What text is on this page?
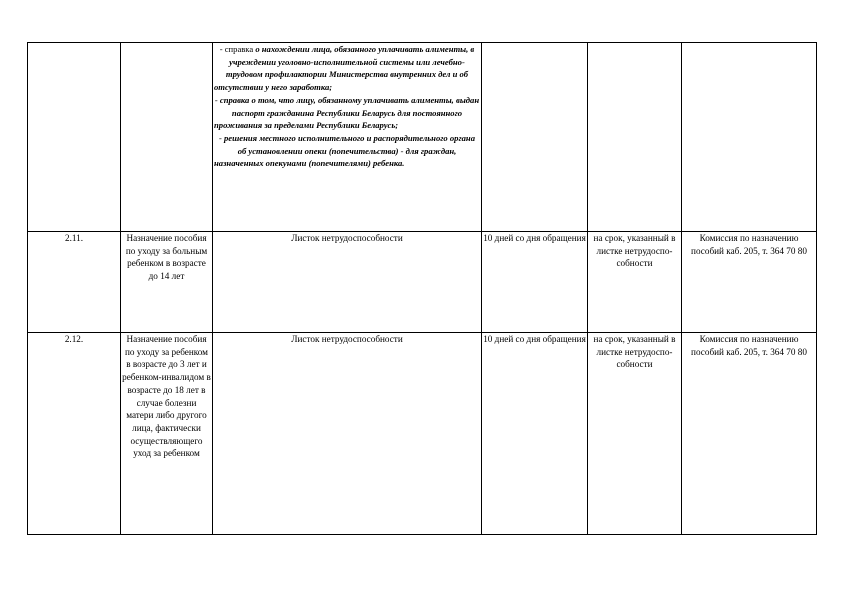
		- справка о нахождении лица, обязанного уплачивать алименты, в учреждении уголовно-исполнительной системы или лечебно-трудовом профилактории Министерства внутренних дел и об отсутствии у него заработка;

- справка о том, что лицу, обязанному уплачивать алименты, выдан паспорт гражданина Республики Беларусь для постоянного проживания за пределами Республики Беларусь;

- решения местного исполнительного и распорядительного органа об установлении опеки (попечительства) - для граждан, назначенных опекунами (попечителями) ребенка.			

2.11.	Назначение пособия по уходу за больным ребенком в возрасте до 14 лет	Листок нетрудоспособности	10 дней со дня обращения	на срок, указанный в листке нетрудоспо-собности	Комиссия по назначению пособий каб. 205, т. 364 70 80
2.12.	Назначение пособия по уходу за ребенком в возрасте до 3 лет и ребенком-инвалидом в возрасте до 18 лет в случае болезни матери либо другого лица, фактически осуществляющего уход за ребенком	Листок нетрудоспособности	10 дней со дня обращения	на срок, указанный в листке нетрудоспо-собности	Комиссия по назначению пособий каб. 205, т. 364 70 80
